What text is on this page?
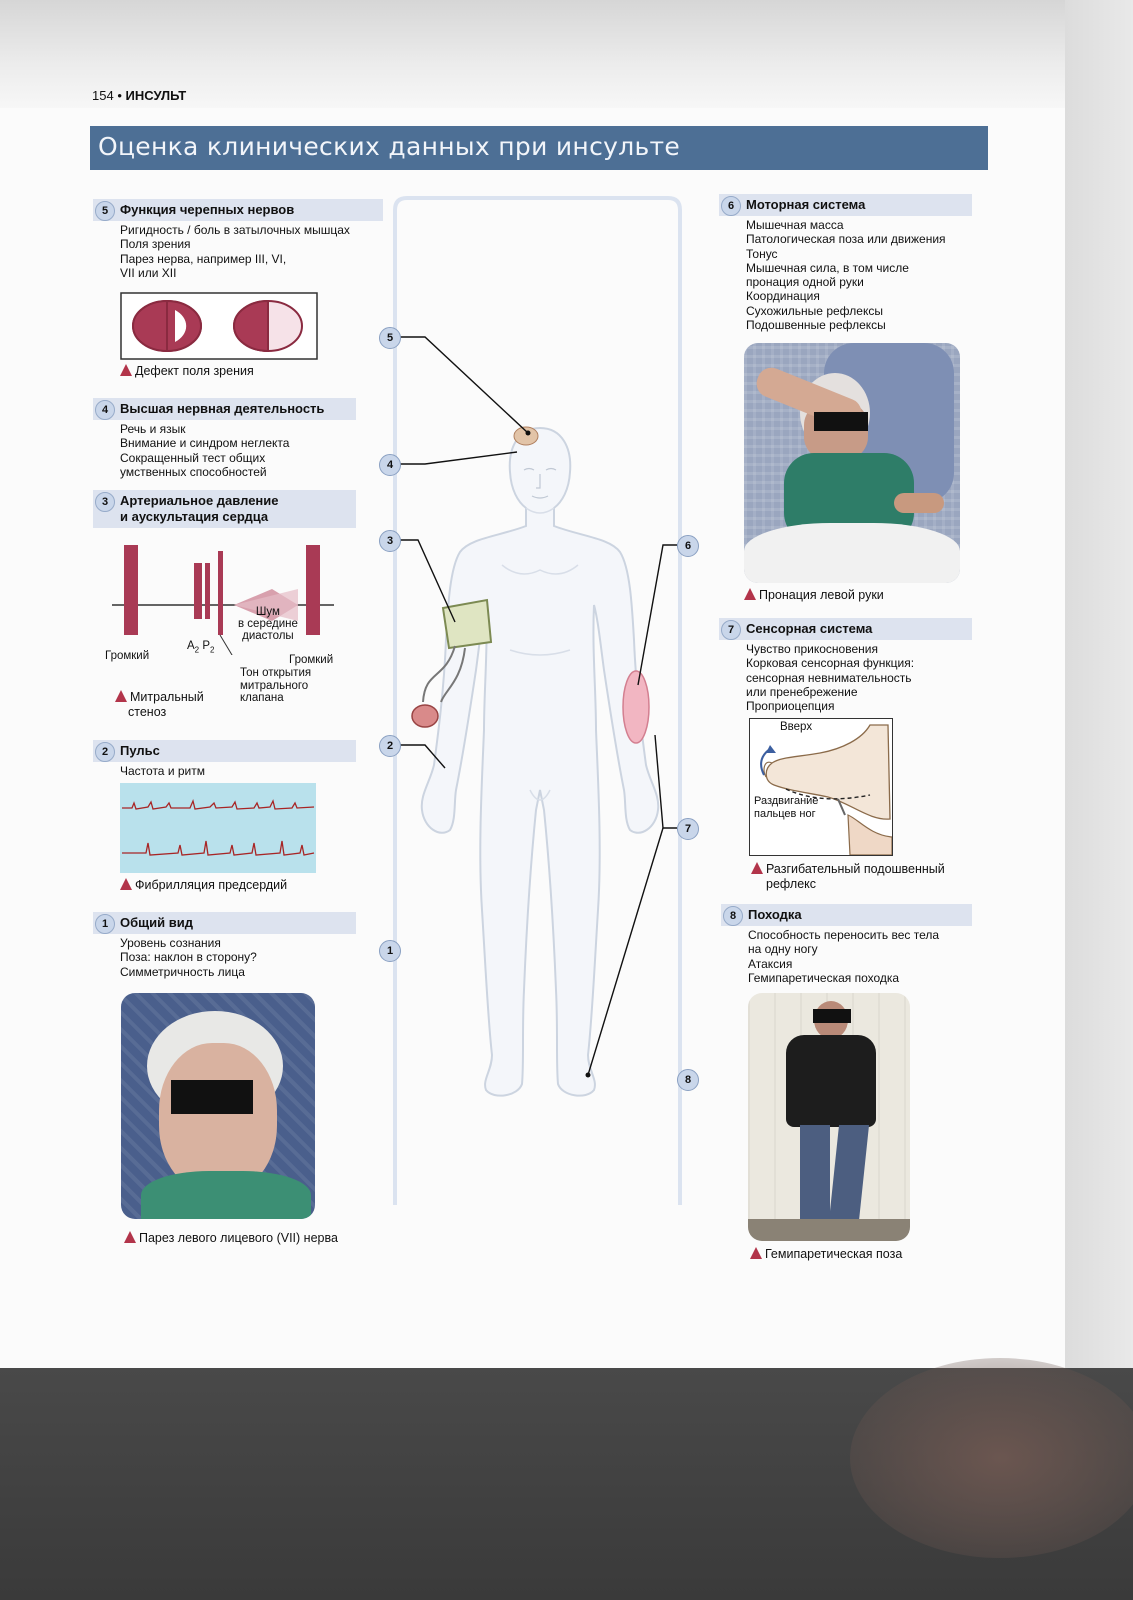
154 • ИНСУЛЬТ
Оценка клинических данных при инсульте
5
4
3
2
1
6
7
8
5 Функция черепных нервов
Ригидность / боль в затылочных мышцах
Поля зрения
Парез нерва, например III, VI,
VII или XII
Дефект поля зрения
4 Высшая нервная деятельность
Речь и язык
Внимание и синдром неглекта
Сокращенный тест общих
умственных способностей
3 Артериальное давление
и аускультация сердца
Громкий
$A_2$ $P_2$
Шум
в середине
диастолы
Громкий
Тон открытия
митрального
клапана
Митральный
стеноз
2 Пульс
Частота и ритм
Фибрилляция предсердий
1 Общий вид
Уровень сознания
Поза: наклон в сторону?
Симметричность лица
Парез левого лицевого (VII) нерва
6 Моторная система
Мышечная масса
Патологическая поза или движения
Тонус
Мышечная сила, в том числе
пронация одной руки
Координация
Сухожильные рефлексы
Подошвенные рефлексы
Пронация левой руки
7 Сенсорная система
Чувство прикосновения
Корковая сенсорная функция:
сенсорная невнимательность
или пренебрежение
Проприоцепция
Вверх
Раздвигание
пальцев ног
Разгибательный подошвенный
рефлекс
8 Походка
Способность переносить вес тела
на одну ногу
Атаксия
Гемипаретическая походка
Гемипаретическая поза
